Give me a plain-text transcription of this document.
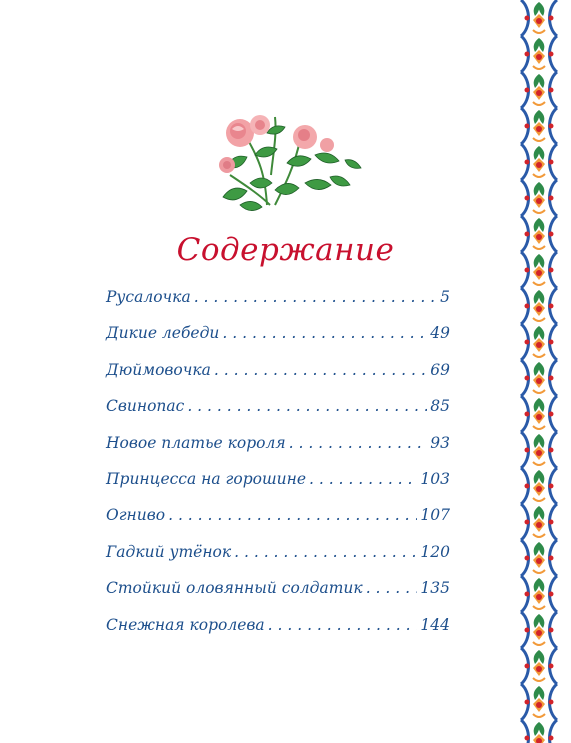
Содержание
Русалочка . . .	5
Дикие лебеди . . .	49
Дюймовочка . . .	69
Свинопас . . .	85
Новое платье короля . . .	93
Принцесса на горошине . . .	103
Огниво . . .	107
Гадкий утёнок . . .	120
Стойкий оловянный солдатик . . .	135
Снежная королева . . .	144
